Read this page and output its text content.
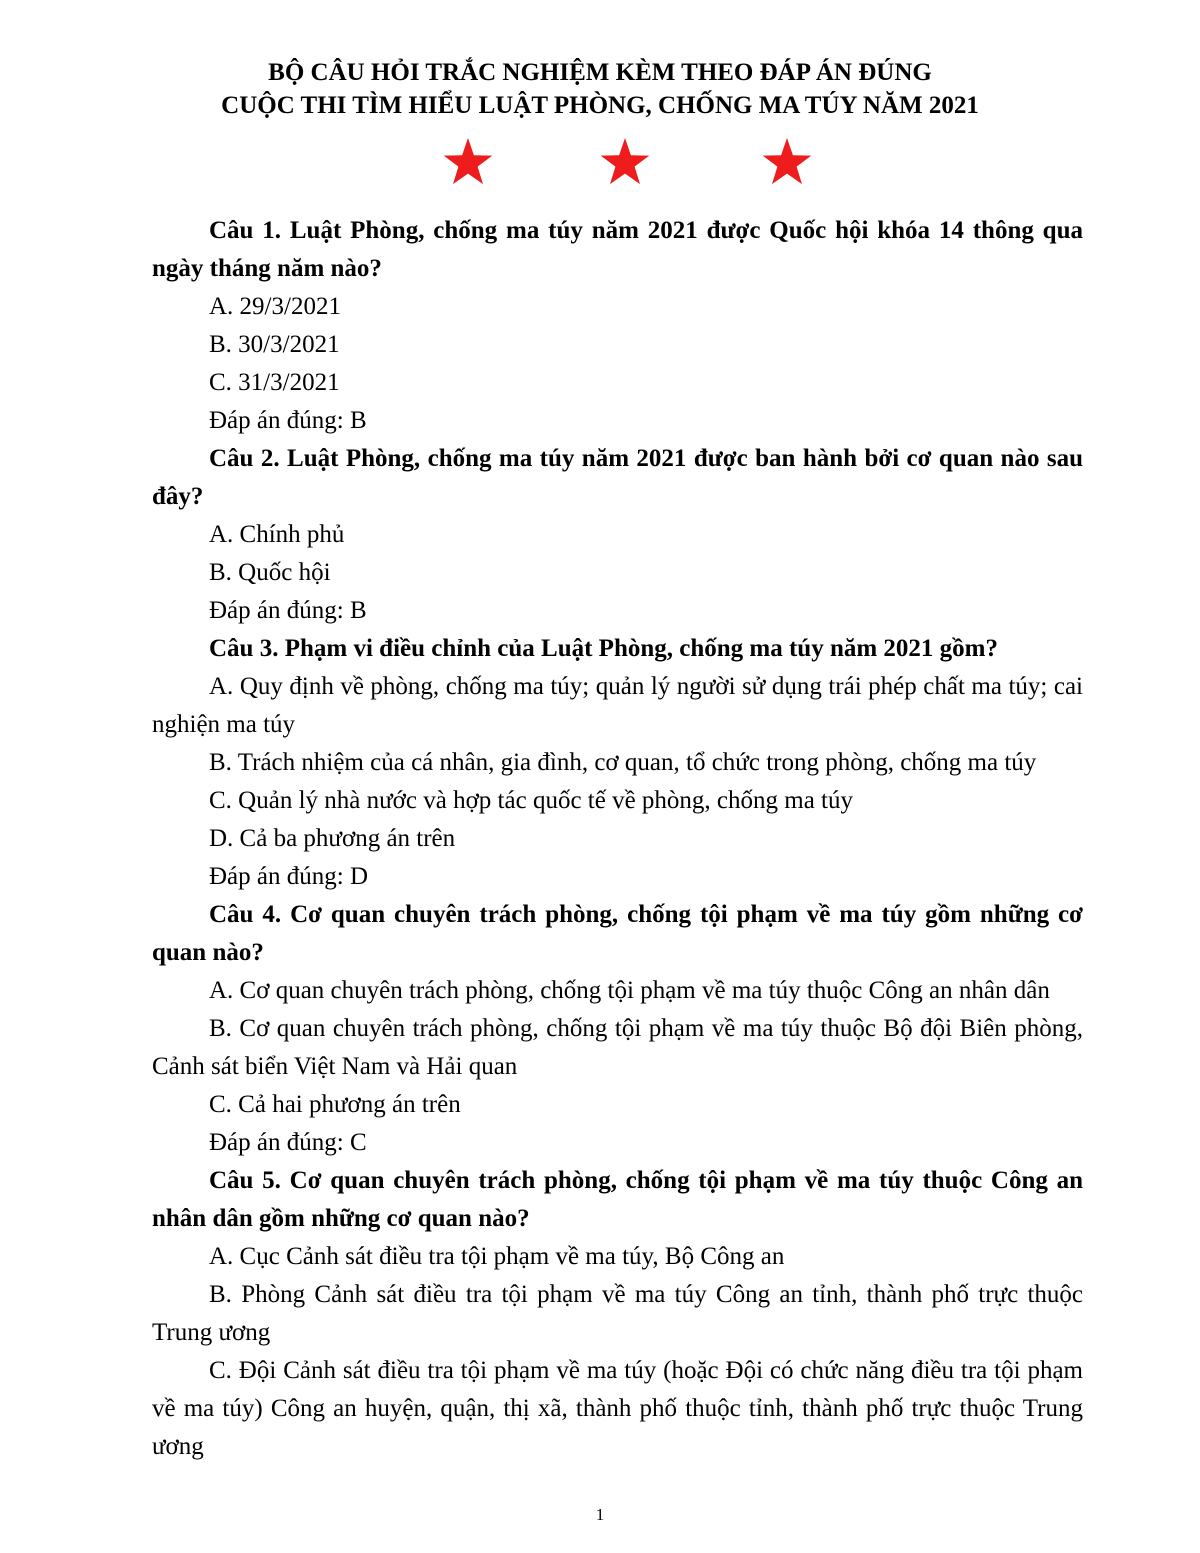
BỘ CÂU HỎI TRẮC NGHIỆM KÈM THEO ĐÁP ÁN ĐÚNG

CUỘC THI TÌM HIỂU LUẬT PHÒNG, CHỐNG MA TÚY NĂM 2021

Câu 1. Luật Phòng, chống ma túy năm 2021 được Quốc hội khóa 14 thông qua ngày tháng năm nào?

A. 29/3/2021

B. 30/3/2021

C. 31/3/2021

Đáp án đúng: B

Câu 2. Luật Phòng, chống ma túy năm 2021 được ban hành bởi cơ quan nào sau đây?

A. Chính phủ

B. Quốc hội

Đáp án đúng: B

Câu 3. Phạm vi điều chỉnh của Luật Phòng, chống ma túy năm 2021 gồm?

A. Quy định về phòng, chống ma túy; quản lý người sử dụng trái phép chất ma túy; cai nghiện ma túy

B. Trách nhiệm của cá nhân, gia đình, cơ quan, tổ chức trong phòng, chống ma túy

C. Quản lý nhà nước và hợp tác quốc tế về phòng, chống ma túy

D. Cả ba phương án trên

Đáp án đúng: D

Câu 4. Cơ quan chuyên trách phòng, chống tội phạm về ma túy gồm những cơ quan nào?

A. Cơ quan chuyên trách phòng, chống tội phạm về ma túy thuộc Công an nhân dân

B. Cơ quan chuyên trách phòng, chống tội phạm về ma túy thuộc Bộ đội Biên phòng, Cảnh sát biển Việt Nam và Hải quan

C. Cả hai phương án trên

Đáp án đúng: C

Câu 5. Cơ quan chuyên trách phòng, chống tội phạm về ma túy thuộc Công an nhân dân gồm những cơ quan nào?

A. Cục Cảnh sát điều tra tội phạm về ma túy, Bộ Công an

B. Phòng Cảnh sát điều tra tội phạm về ma túy Công an tỉnh, thành phố trực thuộc Trung ương

C. Đội Cảnh sát điều tra tội phạm về ma túy (hoặc Đội có chức năng điều tra tội phạm về ma túy) Công an huyện, quận, thị xã, thành phố thuộc tỉnh, thành phố trực thuộc Trung ương

1
